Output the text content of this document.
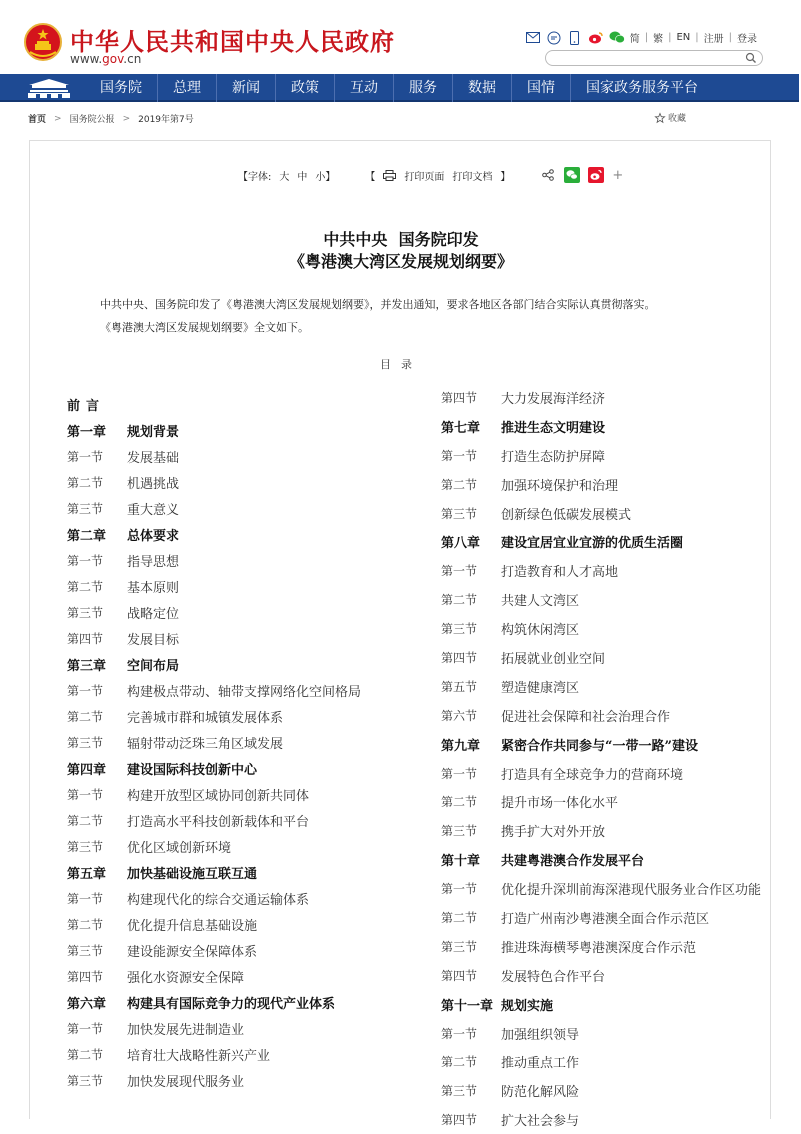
中华人民共和国中央人民政府
www.gov.cn
简 | 繁 | EN | 注册 | 登录
国务院	总理	新闻	政策	互动	服务	数据	国情	国家政务服务平台
首页 > 国务院公报 > 2019年第7号	收藏
【字体: 大 中 小】	【	打印页面 打印文档 】	+
中共中央  国务院印发
《粤港澳大湾区发展规划纲要》

中共中央、国务院印发了《粤港澳大湾区发展规划纲要》，并发出通知，要求各地区各部门结合实际认真贯彻落实。

《粤港澳大湾区发展规划纲要》全文如下。

目录
前言
第一章	规划背景
第一节	发展基础
第二节	机遇挑战
第三节	重大意义
第二章	总体要求
第一节	指导思想
第二节	基本原则
第三节	战略定位
第四节	发展目标
第三章	空间布局
第一节	构建极点带动、轴带支撑网络化空间格局
第二节	完善城市群和城镇发展体系
第三节	辐射带动泛珠三角区域发展
第四章	建设国际科技创新中心
第一节	构建开放型区域协同创新共同体
第二节	打造高水平科技创新载体和平台
第三节	优化区域创新环境
第五章	加快基础设施互联互通
第一节	构建现代化的综合交通运输体系
第二节	优化提升信息基础设施
第三节	建设能源安全保障体系
第四节	强化水资源安全保障
第六章	构建具有国际竞争力的现代产业体系
第一节	加快发展先进制造业
第二节	培育壮大战略性新兴产业
第三节	加快发展现代服务业
第四节	大力发展海洋经济
第七章	推进生态文明建设
第一节	打造生态防护屏障
第二节	加强环境保护和治理
第三节	创新绿色低碳发展模式
第八章	建设宜居宜业宜游的优质生活圈
第一节	打造教育和人才高地
第二节	共建人文湾区
第三节	构筑休闲湾区
第四节	拓展就业创业空间
第五节	塑造健康湾区
第六节	促进社会保障和社会治理合作
第九章	紧密合作共同参与“一带一路”建设
第一节	打造具有全球竞争力的营商环境
第二节	提升市场一体化水平
第三节	携手扩大对外开放
第十章	共建粤港澳合作发展平台
第一节	优化提升深圳前海深港现代服务业合作区功能
第二节	打造广州南沙粤港澳全面合作示范区
第三节	推进珠海横琴粤港澳深度合作示范
第四节	发展特色合作平台
第十一章 规划实施
第一节	加强组织领导
第二节	推动重点工作
第三节	防范化解风险
第四节	扩大社会参与
